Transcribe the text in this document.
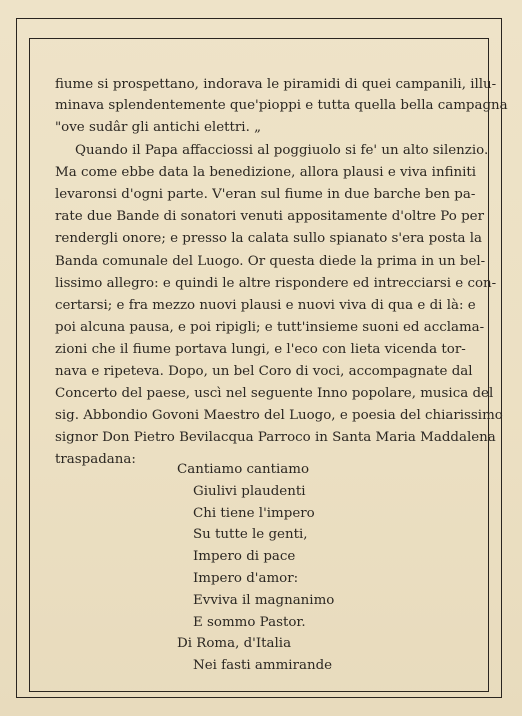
fiume si prospettano, indorava le piramidi di quei campanili, illu-
minava splendentemente que'pioppi e tutta quella bella campagna
"ove sudâr gli antichi elettri. „
Quando il Papa affacciossi al poggiuolo si fe' un alto silenzio.
Ma come ebbe data la benedizione, allora plausi e viva infiniti
levaronsi d'ogni parte. V'eran sul fiume in due barche ben pa-
rate due Bande di sonatori venuti appositamente d'oltre Po per
rendergli onore; e presso la calata sullo spianato s'era posta la
Banda comunale del Luogo. Or questa diede la prima in un bel-
lissimo allegro: e quindi le altre rispondere ed intrecciarsi e con-
certarsi; e fra mezzo nuovi plausi e nuovi viva di qua e di là: e
poi alcuna pausa, e poi ripigli; e tutt'insieme suoni ed acclama-
zioni che il fiume portava lungi, e l'eco con lieta vicenda tor-
nava e ripeteva. Dopo, un bel Coro di voci, accompagnate dal
Concerto del paese, uscì nel seguente Inno popolare, musica del
sig. Abbondio Govoni Maestro del Luogo, e poesia del chiarissimo
signor Don Pietro Bevilacqua Parroco in Santa Maria Maddalena
traspadana:
Cantiamo cantiamo
Giulivi plaudenti
Chi tiene l'impero
Su tutte le genti,
Impero di pace
Impero d'amor:
Evviva il magnanimo
E sommo Pastor.
Di Roma, d'Italia
Nei fasti ammirande
